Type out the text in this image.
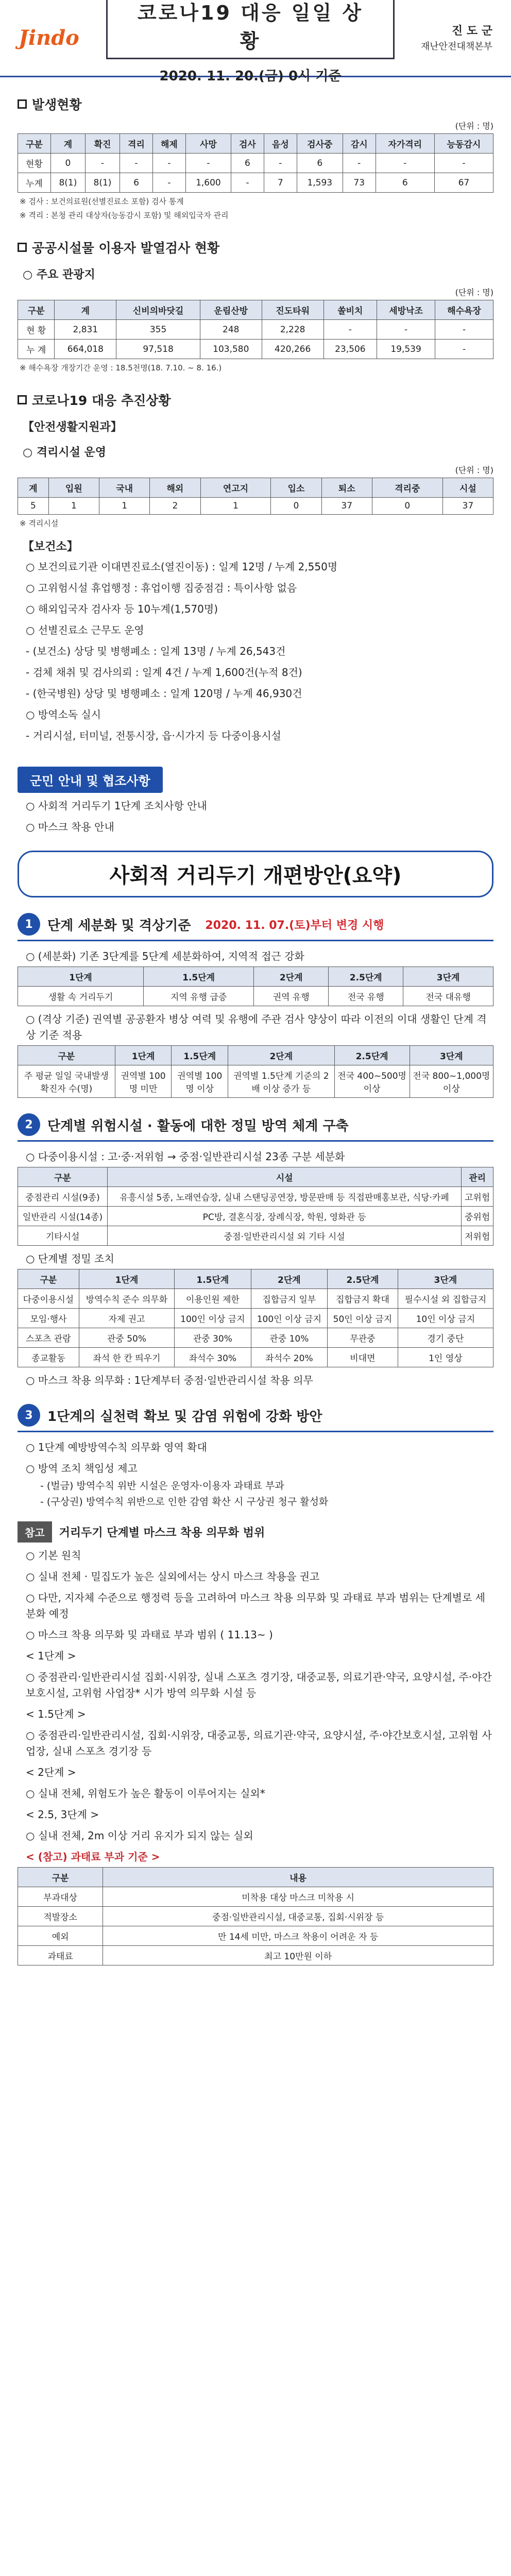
Jindo
코로나19 대응 일일 상황
2020. 11. 20.(금) 0시 기준
진 도 군
재난안전대책본부
발생현황
(단위 : 명)
구분	계	확진	격리	해제	사망	검사	음성	검사중	감시	자가격리	능동감시
현황	0	-	-	-	-	6	-	6	-	-	-
누계	8(1)	8(1)	6	-	1,600	-	7	1,593	73	6	67
※ 검사 : 보건의료원(선별진료소 포함) 검사 통계
※ 격리 : 본청 관리 대상자(능동감시 포함) 및 해외입국자 관리
공공시설물 이용자 발열검사 현황
○ 주요 관광지
(단위 : 명)
구분	계	신비의바닷길	운림산방	진도타워	쏠비치	세방낙조	해수욕장
현 황	2,831	355	248	2,228	-	-	-
누 계	664,018	97,518	103,580	420,266	23,506	19,539	-
※ 해수욕장 개장기간 운영 : 18.5천명(18. 7.10. ~ 8. 16.)
코로나19 대응 추진상황
【안전생활지원과】
○ 격리시설 운영
(단위 : 명)
계	입원	국내	해외	연고지	입소	퇴소	격리중	시설
5	1	1	2	1	0	37	0	37
※ 격리시설
【보건소】
○ 보건의료기관 이대면진료소(열진이동) : 일계 12명 / 누계 2,550명
○ 고위험시설 휴업행정 : 휴업이행 집중점검 : 특이사항 없음
○ 해외입국자 검사자 등 10누계(1,570명)
○ 선별진료소 근무도 운영
- (보건소) 상당 및 병행폐소 : 일계 13명 / 누계 26,543건
- 검체 채취 및 검사의뢰 : 일계 4건 / 누계 1,600건(누적 8건)
- (한국병원) 상당 및 병행폐소 : 일계 120명 / 누계 46,930건
○ 방역소독 실시
- 거리시설, 터미널, 전통시장, 읍·시가지 등 다중이용시설
군민 안내 및 협조사항
○ 사회적 거리두기 1단계 조치사항 안내
○ 마스크 착용 안내
사회적 거리두기 개편방안(요약)
1	단계 세분화 및 격상기준 2020. 11. 07.(토)부터 변경 시행
○ (세분화) 기존 3단계를 5단계 세분화하여, 지역적 접근 강화
1단계	1.5단계	2단계	2.5단계	3단계
생활 속 거리두기	지역 유행 급증	권역 유행	전국 유행	전국 대유행
○ (격상 기준) 권역별 공공환자 병상 여력 및 유행에 주관 검사 양상이 따라 이전의 이대 생활인 단계 격상 기준 적용
구분	1단계	1.5단계	2단계	2.5단계	3단계
주 평균 일일 국내발생 확진자 수(명)	권역별 100명 미만	권역별 100명 이상	권역별 1.5단계 기준의 2배 이상 증가 등	전국 400~500명 이상	전국 800~1,000명 이상
2	단계별 위험시설 · 활동에 대한 정밀 방역 체계 구축
○ 다중이용시설 : 고·중·저위험 → 중점·일반관리시설 23종 구분 세분화
구분	시설	관리
중점관리 시설(9종)	유흥시설 5종, 노래연습장, 실내 스탠딩공연장, 방문판매 등 직접판매홍보관, 식당·카페	고위험
일반관리 시설(14종)	PC방, 결혼식장, 장례식장, 학원, 영화관 등	중위험
기타시설	중점·일반관리시설 외 기타 시설	저위험
○ 단계별 정밀 조치
구분	1단계	1.5단계	2단계	2.5단계	3단계
다중이용시설	방역수칙 준수 의무화	이용인원 제한	집합금지 일부	집합금지 확대	필수시설 외 집합금지
모임·행사	자제 권고	100인 이상 금지	100인 이상 금지	50인 이상 금지	10인 이상 금지
스포츠 관람	관중 50%	관중 30%	관중 10%	무관중	경기 중단
종교활동	좌석 한 칸 띄우기	좌석수 30%	좌석수 20%	비대면	1인 영상
○ 마스크 착용 의무화 : 1단계부터 중점·일반관리시설 착용 의무
3	1단계의 실천력 확보 및 감염 위험에 강화 방안
○ 1단계 예방방역수칙 의무화 영역 확대
○ 방역 조치 책임성 제고
- (벌금) 방역수칙 위반 시설은 운영자·이용자 과태료 부과
- (구상권) 방역수칙 위반으로 인한 감염 확산 시 구상권 청구 활성화
참고	거리두기 단계별 마스크 착용 의무화 범위
○ 기본 원칙
○ 실내 전체 · 밀집도가 높은 실외에서는 상시 마스크 착용을 권고
○ 다만, 지자체 수준으로 행정력 등을 고려하여 마스크 착용 의무화 및 과태료 부과 범위는 단계별로 세분화 예정
○ 마스크 착용 의무화 및 과태료 부과 범위 ( 11.13~ )
< 1단계 >
○ 중점관리·일반관리시설 집회·시위장, 실내 스포츠 경기장, 대중교통, 의료기관·약국, 요양시설, 주·야간보호시설, 고위험 사업장* 시가 방역 의무화 시설 등
< 1.5단계 >
○ 중점관리·일반관리시설, 집회·시위장, 대중교통, 의료기관·약국, 요양시설, 주·야간보호시설, 고위험 사업장, 실내 스포츠 경기장 등
< 2단계 >
○ 실내 전체, 위험도가 높은 활동이 이루어지는 실외*
< 2.5, 3단계 >
○ 실내 전체, 2m 이상 거리 유지가 되지 않는 실외
< (참고) 과태료 부과 기준 >
구분	내용
부과대상	미착용 대상 마스크 미착용 시
적발장소	중점·일반관리시설, 대중교통, 집회·시위장 등
예외	만 14세 미만, 마스크 착용이 어려운 자 등
과태료	최고 10만원 이하
